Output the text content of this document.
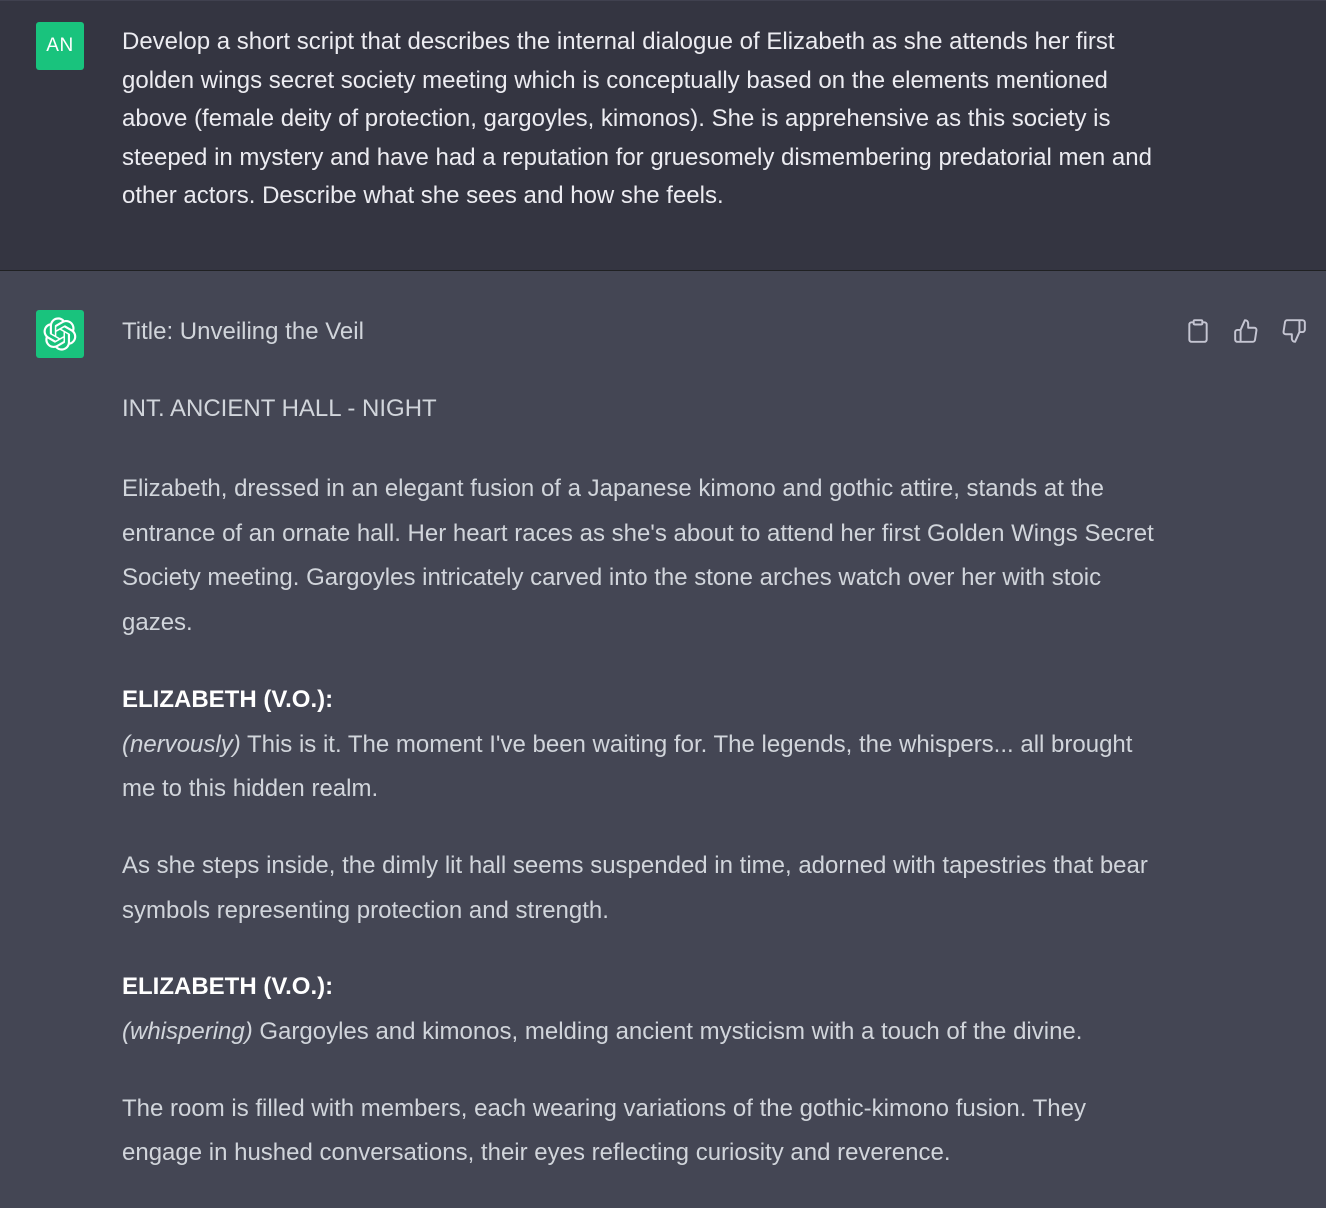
AN Develop a short script that describes the internal dialogue of Elizabeth as she attends her first golden wings secret society meeting which is conceptually based on the elements mentioned above (female deity of protection, gargoyles, kimonos). She is apprehensive as this society is steeped in mystery and have had a reputation for gruesomely dismembering predatorial men and other actors. Describe what she sees and how she feels.

Title: Unveiling the Veil

INT. ANCIENT HALL - NIGHT

Elizabeth, dressed in an elegant fusion of a Japanese kimono and gothic attire, stands at the entrance of an ornate hall. Her heart races as she's about to attend her first Golden Wings Secret Society meeting. Gargoyles intricately carved into the stone arches watch over her with stoic gazes.

ELIZABETH (V.O.):

(nervously) This is it. The moment I've been waiting for. The legends, the whispers... all brought me to this hidden realm.

As she steps inside, the dimly lit hall seems suspended in time, adorned with tapestries that bear symbols representing protection and strength.

ELIZABETH (V.O.):

(whispering) Gargoyles and kimonos, melding ancient mysticism with a touch of the divine.

The room is filled with members, each wearing variations of the gothic-kimono fusion. They engage in hushed conversations, their eyes reflecting curiosity and reverence.
